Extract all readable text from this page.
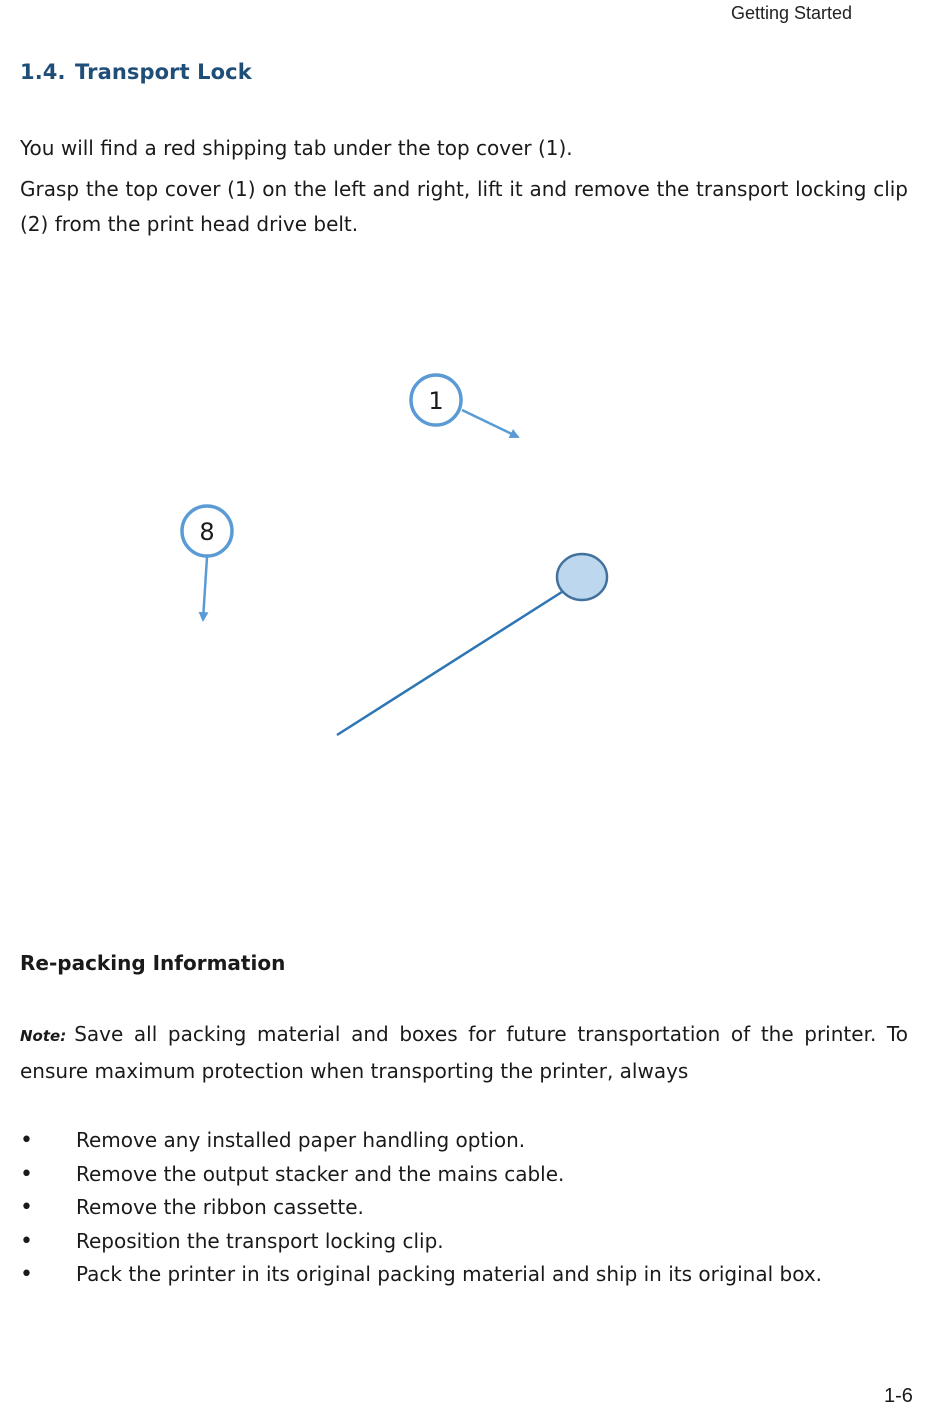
Getting Started
1.4. Transport Lock
You will find a red shipping tab under the top cover (1).
Grasp the top cover (1) on the left and right, lift it and remove the transport locking clip (2) from the print head drive belt.
1
8
Re-packing Information
Note: Save all packing material and boxes for future transportation of the printer. To ensure maximum protection when transporting the printer, always
•	Remove any installed paper handling option.
•	Remove the output stacker and the mains cable.
•	Remove the ribbon cassette.
•	Reposition the transport locking clip.
•	Pack the printer in its original packing material and ship in its original box.
1-6
